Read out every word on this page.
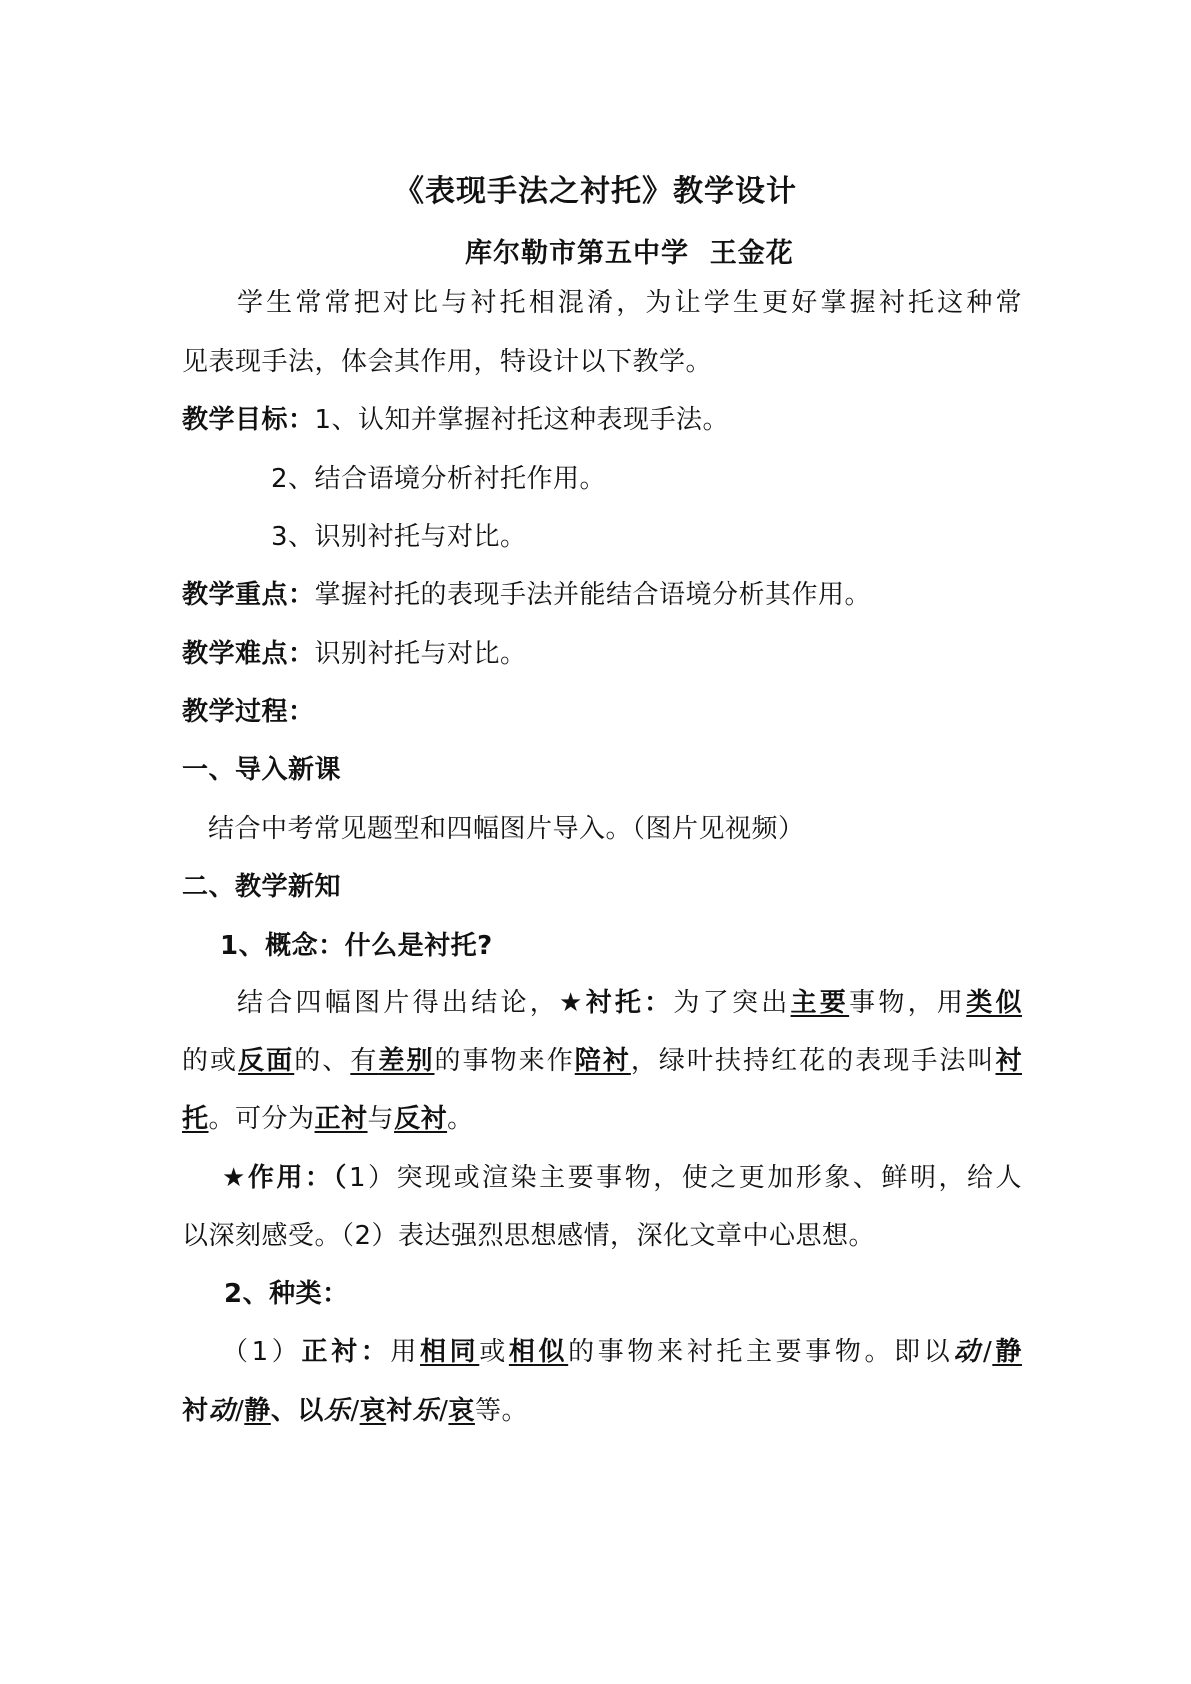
《表现手法之衬托》教学设计
库尔勒市第五中学  王金花
学生常常把对比与衬托相混淆，为让学生更好掌握衬托这种常
见表现手法，体会其作用，特设计以下教学。
教学目标：1、认知并掌握衬托这种表现手法。
2、结合语境分析衬托作用。
3、识别衬托与对比。
教学重点：掌握衬托的表现手法并能结合语境分析其作用。
教学难点：识别衬托与对比。
教学过程：
一、导入新课
结合中考常见题型和四幅图片导入。（图片见视频）
二、教学新知
1、概念：什么是衬托?
结合四幅图片得出结论，★衬托：为了突出主要事物，用类似
的或反面的、有差别的事物来作陪衬，绿叶扶持红花的表现手法叫衬
托。可分为正衬与反衬。
★作用：（1）突现或渲染主要事物，使之更加形象、鲜明，给人
以深刻感受。（2）表达强烈思想感情，深化文章中心思想。
2、种类：
（1）正衬：用相同或相似的事物来衬托主要事物。即以动/静
衬动/静、以乐/哀衬乐/哀等。
